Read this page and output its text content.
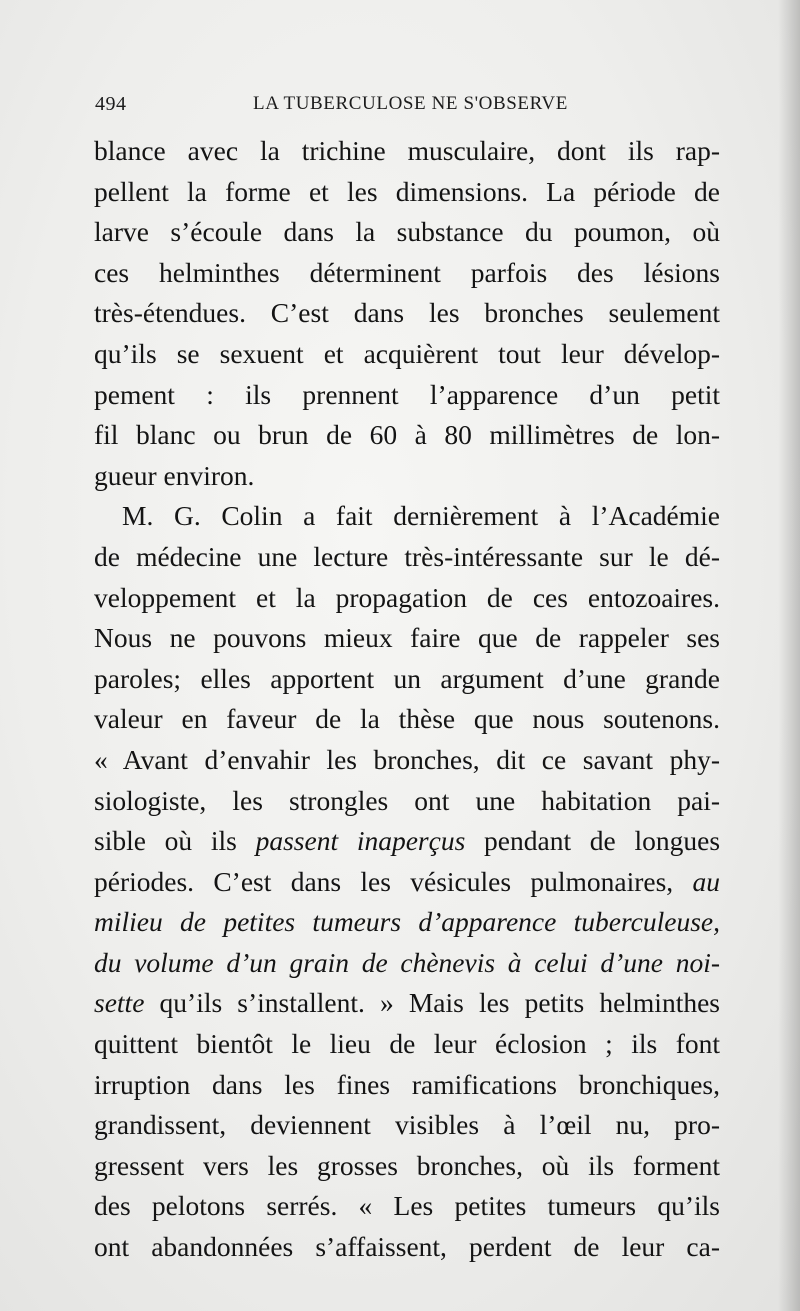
494	LA TUBERCULOSE NE S'OBSERVE
blance avec la trichine musculaire, dont ils rap-
pellent la forme et les dimensions. La période de
larve s’écoule dans la substance du poumon, où
ces helminthes déterminent parfois des lésions
très-étendues. C’est dans les bronches seulement
qu’ils se sexuent et acquièrent tout leur dévelop-
pement : ils prennent l’apparence d’un petit
fil blanc ou brun de 60 à 80 millimètres de lon-
gueur environ.
M. G. Colin a fait dernièrement à l’Académie
de médecine une lecture très-intéressante sur le dé-
veloppement et la propagation de ces entozoaires.
Nous ne pouvons mieux faire que de rappeler ses
paroles; elles apportent un argument d’une grande
valeur en faveur de la thèse que nous soutenons.
« Avant d’envahir les bronches, dit ce savant phy-
siologiste, les strongles ont une habitation pai-
sible où ils passent inaperçus pendant de longues
périodes. C’est dans les vésicules pulmonaires, au
milieu de petites tumeurs d’apparence tuberculeuse,
du volume d’un grain de chènevis à celui d’une noi-
sette qu’ils s’installent. » Mais les petits helminthes
quittent bientôt le lieu de leur éclosion ; ils font
irruption dans les fines ramifications bronchiques,
grandissent, deviennent visibles à l’œil nu, pro-
gressent vers les grosses bronches, où ils forment
des pelotons serrés. « Les petites tumeurs qu’ils
ont abandonnées s’affaissent, perdent de leur ca-
